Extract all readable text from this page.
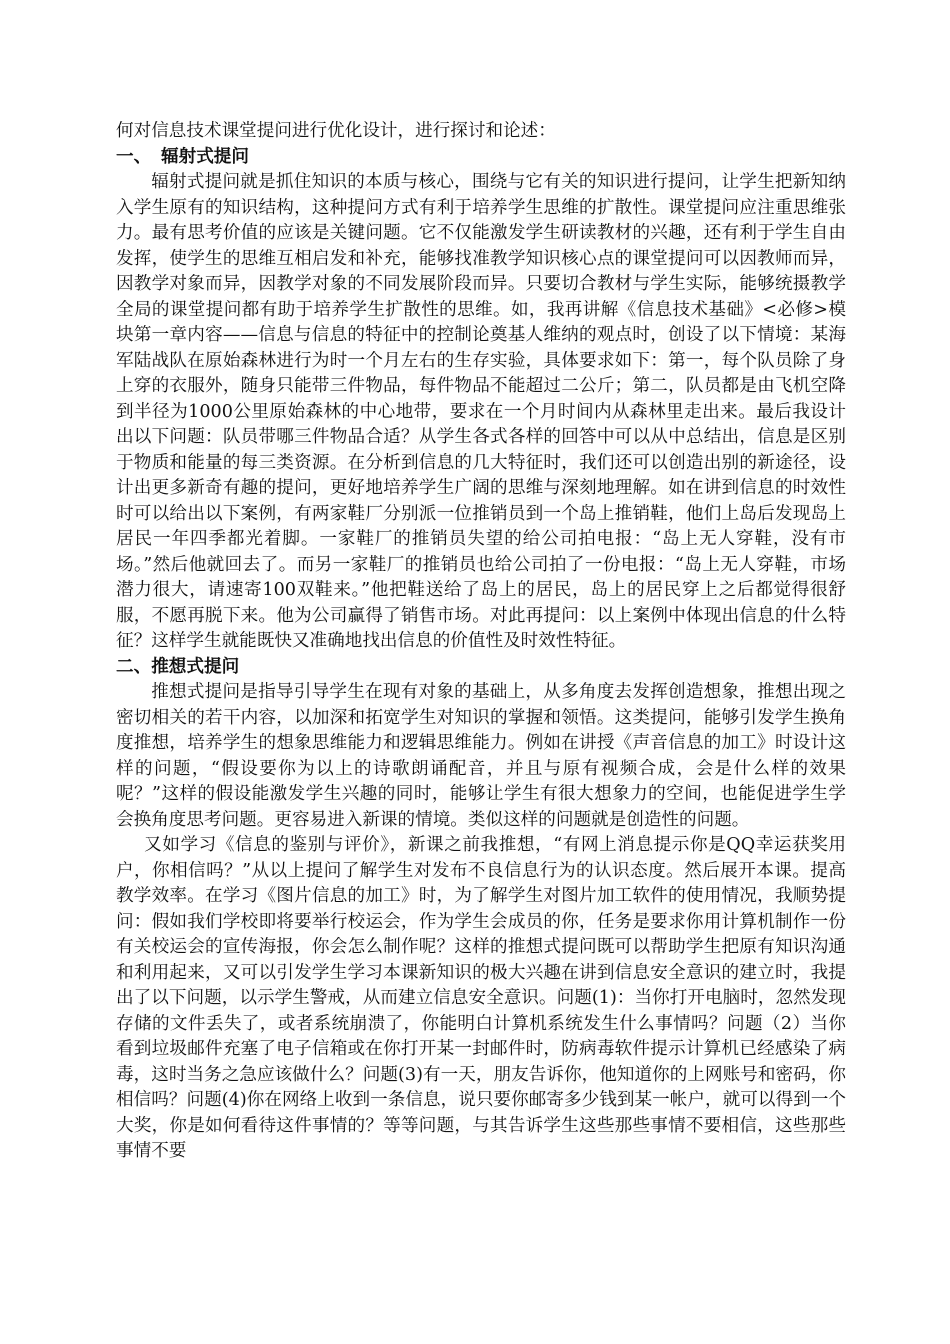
何对信息技术课堂提问进行优化设计，进行探讨和论述：

一、 辐射式提问

辐射式提问就是抓住知识的本质与核心，围绕与它有关的知识进行提问，让学生把新知纳入学生原有的知识结构，这种提问方式有利于培养学生思维的扩散性。课堂提问应注重思维张力。最有思考价值的应该是关键问题。它不仅能激发学生研读教材的兴趣，还有利于学生自由发挥，使学生的思维互相启发和补充，能够找准教学知识核心点的课堂提问可以因教师而异，因教学对象而异，因教学对象的不同发展阶段而异。只要切合教材与学生实际，能够统摄教学全局的课堂提问都有助于培养学生扩散性的思维。如，我再讲解《信息技术基础》<必修>模块第一章内容——信息与信息的特征中的控制论奠基人维纳的观点时，创设了以下情境：某海军陆战队在原始森林进行为时一个月左右的生存实验，具体要求如下：第一，每个队员除了身上穿的衣服外，随身只能带三件物品，每件物品不能超过二公斤；第二，队员都是由飞机空降到半径为1000公里原始森林的中心地带，要求在一个月时间内从森林里走出来。最后我设计出以下问题：队员带哪三件物品合适？从学生各式各样的回答中可以从中总结出，信息是区别于物质和能量的每三类资源。在分析到信息的几大特征时，我们还可以创造出别的新途径，设计出更多新奇有趣的提问，更好地培养学生广阔的思维与深刻地理解。如在讲到信息的时效性时可以给出以下案例，有两家鞋厂分别派一位推销员到一个岛上推销鞋，他们上岛后发现岛上居民一年四季都光着脚。一家鞋厂的推销员失望的给公司拍电报：“岛上无人穿鞋，没有市场。”然后他就回去了。而另一家鞋厂的推销员也给公司拍了一份电报：“岛上无人穿鞋，市场潜力很大，请速寄100双鞋来。”他把鞋送给了岛上的居民，岛上的居民穿上之后都觉得很舒服，不愿再脱下来。他为公司赢得了销售市场。对此再提问：以上案例中体现出信息的什么特征？这样学生就能既快又准确地找出信息的价值性及时效性特征。

二、推想式提问

推想式提问是指导引导学生在现有对象的基础上，从多角度去发挥创造想象，推想出现之密切相关的若干内容，以加深和拓宽学生对知识的掌握和领悟。这类提问，能够引发学生换角度推想，培养学生的想象思维能力和逻辑思维能力。例如在讲授《声音信息的加工》时设计这样的问题，“假设要你为以上的诗歌朗诵配音，并且与原有视频合成，会是什么样的效果呢？”这样的假设能激发学生兴趣的同时，能够让学生有很大想象力的空间，也能促进学生学会换角度思考问题。更容易进入新课的情境。类似这样的问题就是创造性的问题。

又如学习《信息的鉴别与评价》，新课之前我推想，“有网上消息提示你是QQ幸运获奖用户，你相信吗？”从以上提问了解学生对发布不良信息行为的认识态度。然后展开本课。提高教学效率。在学习《图片信息的加工》时，为了解学生对图片加工软件的使用情况，我顺势提问：假如我们学校即将要举行校运会，作为学生会成员的你，任务是要求你用计算机制作一份有关校运会的宣传海报，你会怎么制作呢？这样的推想式提问既可以帮助学生把原有知识沟通和利用起来，又可以引发学生学习本课新知识的极大兴趣在讲到信息安全意识的建立时，我提出了以下问题，以示学生警戒，从而建立信息安全意识。问题(1)：当你打开电脑时，忽然发现存储的文件丢失了，或者系统崩溃了，你能明白计算机系统发生什么事情吗？问题（2）当你看到垃圾邮件充塞了电子信箱或在你打开某一封邮件时，防病毒软件提示计算机已经感染了病毒，这时当务之急应该做什么？问题(3)有一天，朋友告诉你，他知道你的上网账号和密码，你相信吗？问题(4)你在网络上收到一条信息，说只要你邮寄多少钱到某一帐户，就可以得到一个大奖，你是如何看待这件事情的？等等问题，与其告诉学生这些那些事情不要相信，这些那些事情不要
